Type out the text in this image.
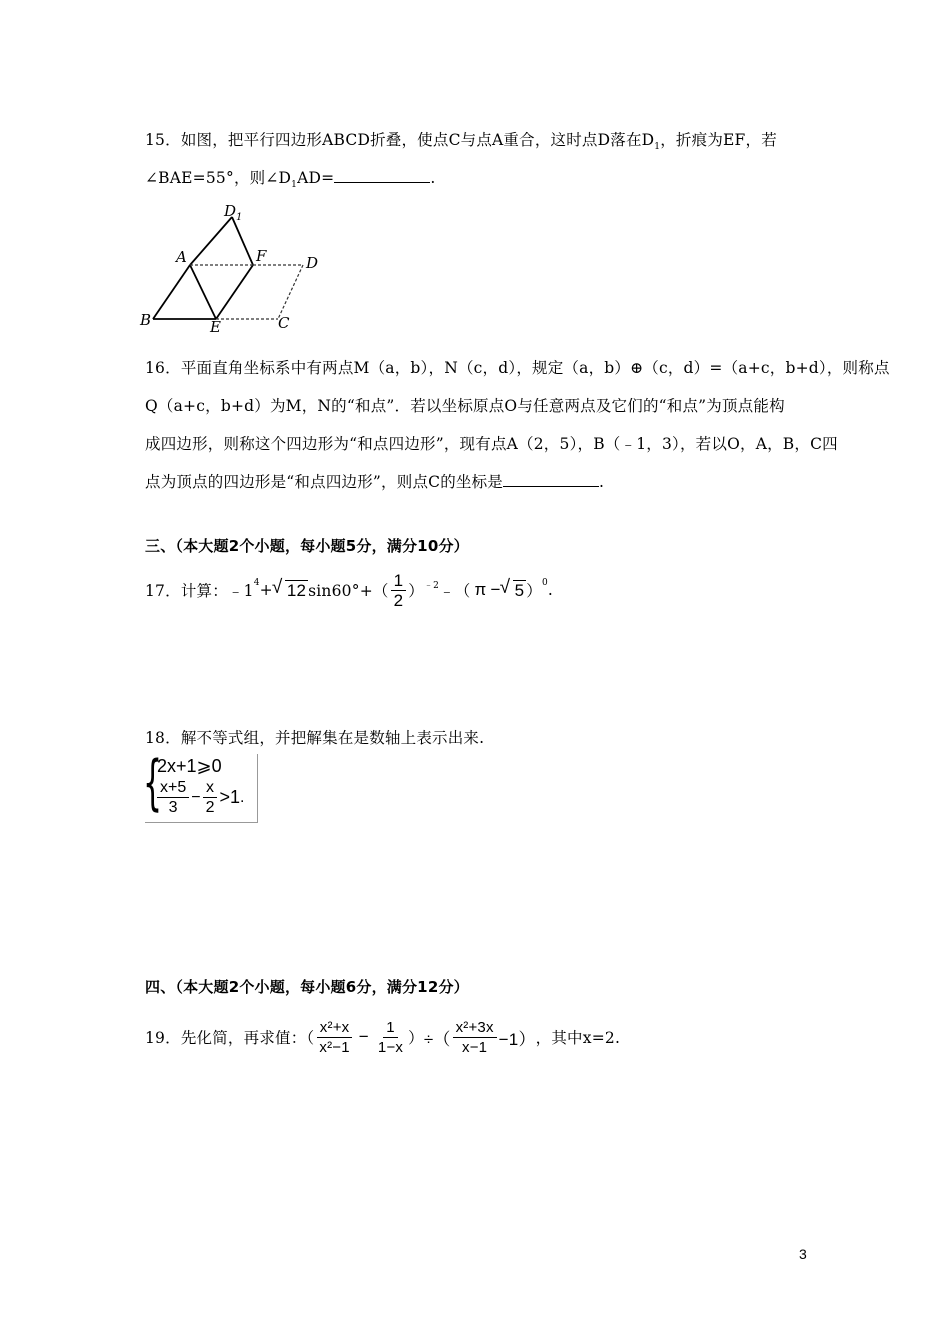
15．如图，把平行四边形ABCD折叠，使点C与点A重合，这时点D落在$D_1$，折痕为EF，若
∠BAE=55°，则$\angle D_1AD=$	.
A
B	C
D
E
F
$D_1$
16．平面直角坐标系中有两点M（a，b），N（c，d），规定（a，b）⊕（c，d）=（a+c，b+d），则称点
Q（a+c，b+d）为M，N的“和点”．若以坐标原点O与任意两点及它们的“和点”为顶点能构
成四边形，则称这个四边形为“和点四边形”，现有点A（2，5），B（﹣1，3），若以O，A，B，C四
点为顶点的四边形是“和点四边形”，则点C的坐标是	.
三、（本大题2个小题，每小题5分，满分10分）
17．计算：$﹣1^4$ + √ 12 $\sin 60^\circ+( \frac{1}{2} )^{﹣2}$ ﹣（ π − √ 5 ）$^0$ .
18．解不等式组，并把解集在是数轴上表示出来.
{
2x+1⩾0
$\frac{x+5}{3} - \frac{x}{2} >1$ .
四、（本大题2个小题，每小题6分，满分12分）
19．先化简，再求值：（ $\frac{\text{x²+x}}{\text{x²−1}} - \frac{1}{1-x}$ ） ÷（ $\frac{\text{x²+3x}}{x-1} -1$） ，其中x=2.
3
